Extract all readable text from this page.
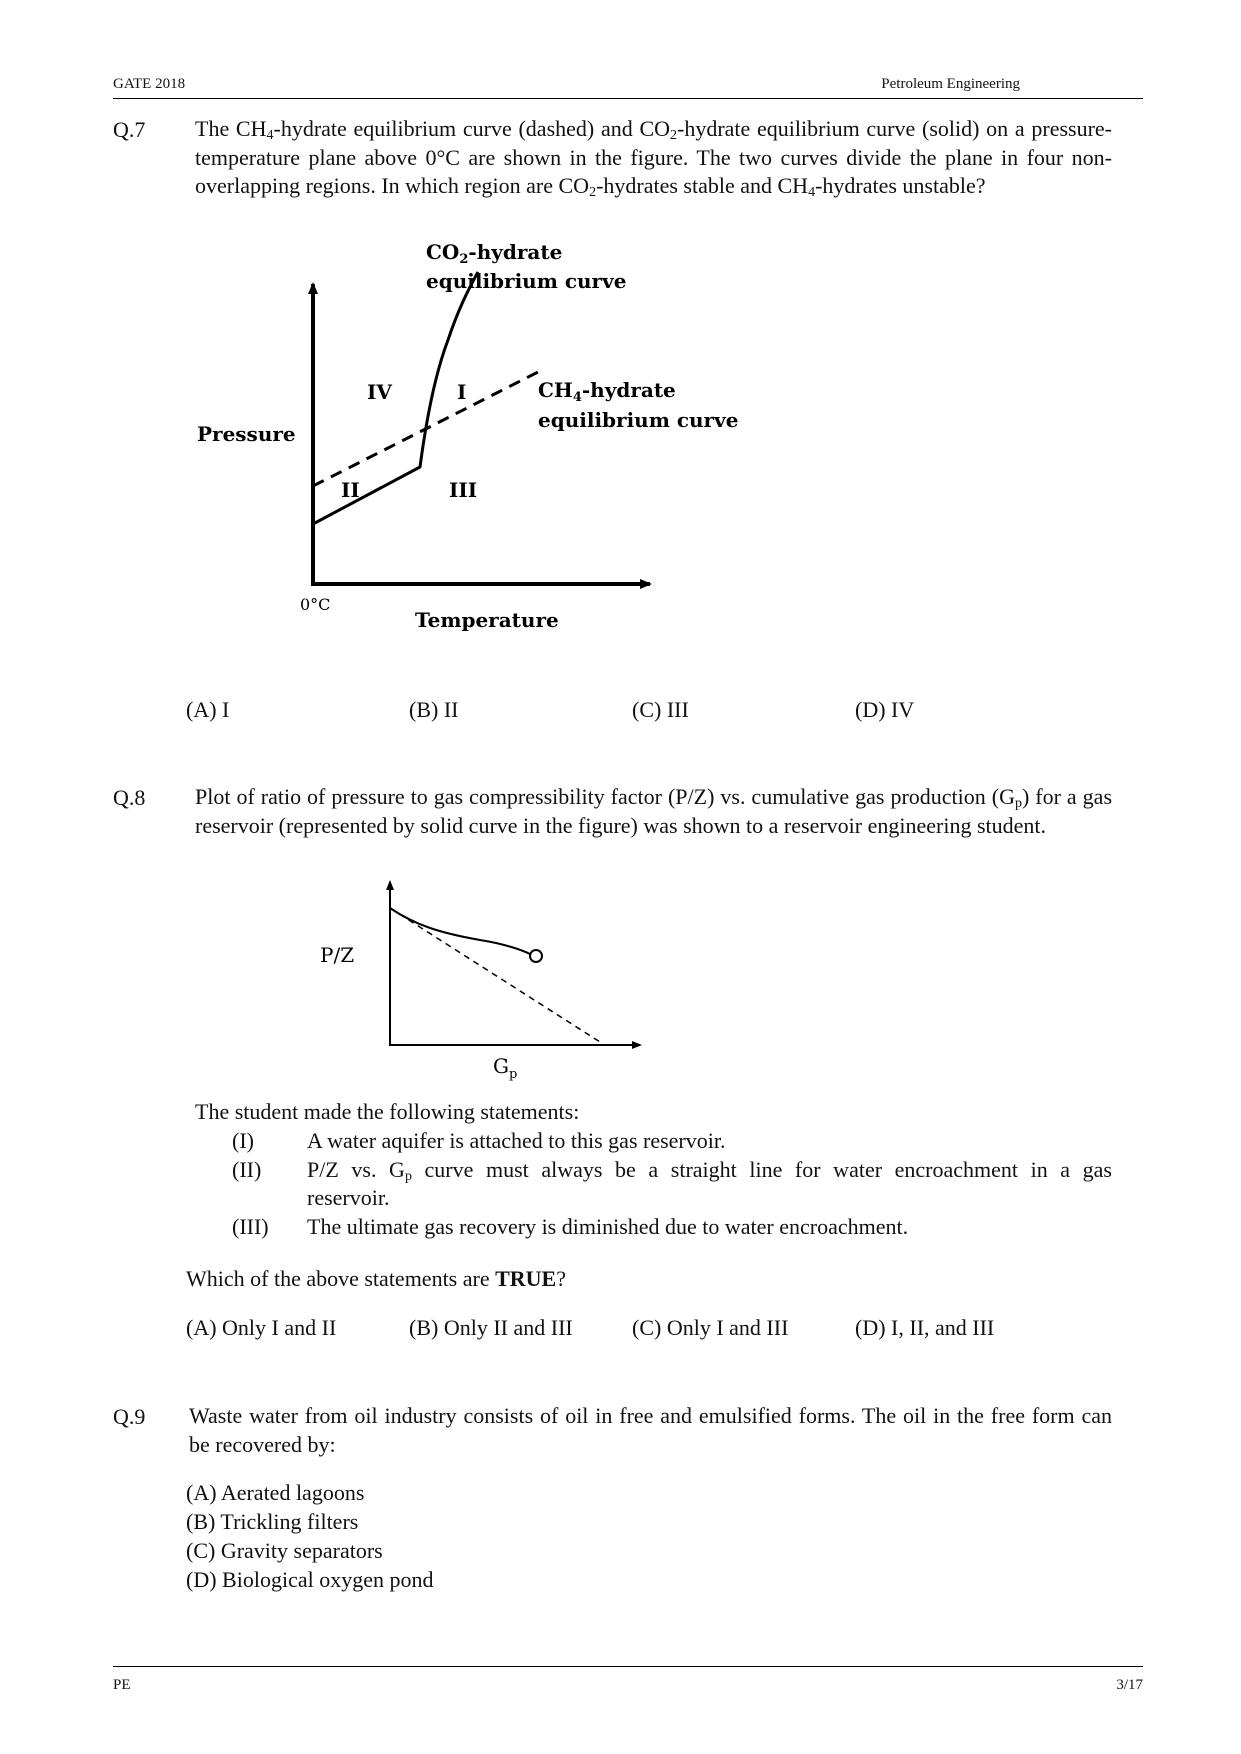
GATE 2018	Petroleum Engineering
Q.7 The $CH_4$-hydrate equilibrium curve (dashed) and $CO_2$-hydrate equilibrium curve (solid) on a pressure-temperature plane above 0°C are shown in the figure. The two curves divide the plane in four non-overlapping regions. In which region are $CO_2$-hydrates stable and $CH_4$-hydrates unstable?
$CO_2$-hydrate
equilibrium curve
$CH_4$-hydrate
equilibrium curve
Pressure
Temperature
0°C
IV	I
II	III
(A) I	(B) II	(C) III	(D) IV
Q.8 Plot of ratio of pressure to gas compressibility factor (P/Z) vs. cumulative gas production $(G_p)$ for a gas reservoir (represented by solid curve in the figure) was shown to a reservoir engineering student.
P/Z
$G_p$
The student made the following statements:
(I) A water aquifer is attached to this gas reservoir.
(II) P/Z vs. $G_p$ curve must always be a straight line for water encroachment in a gas
reservoir.
(III) The ultimate gas recovery is diminished due to water encroachment.
Which of the above statements are TRUE?
(A) Only I and II	(B) Only II and III	(C) Only I and III	(D) I, II, and III
Q.9 Waste water from oil industry consists of oil in free and emulsified forms. The oil in the free form can be recovered by:
(A) Aerated lagoons
(B) Trickling filters
(C) Gravity separators
(D) Biological oxygen pond
PE	3/17
